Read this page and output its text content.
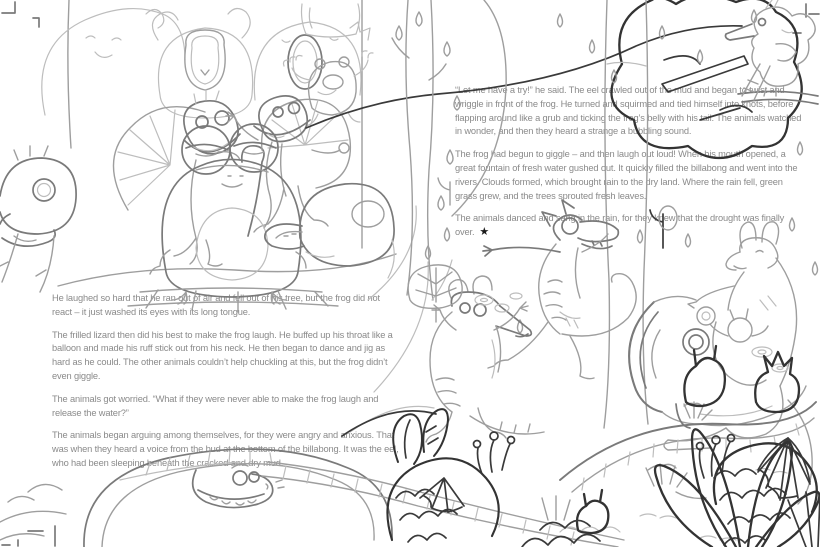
He laughed so hard that he ran out of air and fell out of his tree, but the frog did not react – it just washed its eyes with its long tongue.

The frilled lizard then did his best to make the frog laugh. He buffed up his throat like a balloon and made his ruff stick out from his neck. He then began to dance and jig as hard as he could. The other animals couldn’t help chuckling at this, but the frog didn’t even giggle.

The animals got worried. “What if they were never able to make the frog laugh and release the water?”

The animals began arguing among themselves, for they were angry and anxious. That was when they heard a voice from the bud at the bottom of the billabong. It was the eel, who had been sleeping beneath the cracked and dry mud.

“Let me have a try!” he said. The eel crawled out of the mud and began to twist and wriggle in front of the frog. He turned and squirmed and tied himself into knots, before flapping around like a grub and ticking the frog’s belly with his tail. The animals watched in wonder, and then they heard a strange a bubbling sound.

The frog had begun to giggle – and then laugh out loud! When his mouth opened, a great fountain of fresh water gushed out. It quickly filled the billabong and went into the rivers. Clouds formed, which brought rain to the dry land. Where the rain fell, green grass grew, and the trees sprouted fresh leaves.

The animals danced and sang in the rain, for they knew that the drought was finally over. ★
